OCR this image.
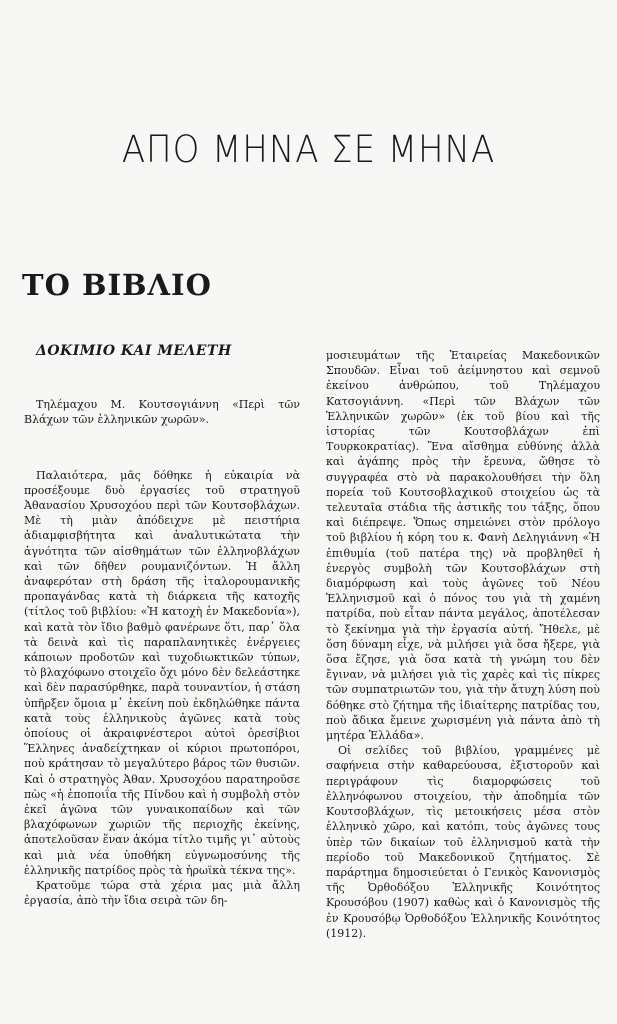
ΑΠΟ ΜΗΝΑ ΣΕ ΜΗΝΑ
ΤΟ ΒΙΒΛΙΟ
ΔΟΚΙΜΙΟ ΚΑΙ ΜΕΛΕΤΗ

Τηλέμαχου Μ. Κουτσογιάννη «Περὶ τῶν Βλάχων τῶν ἑλληνικῶν χωρῶν».

Παλαιότερα, μᾶς δόθηκε ἡ εὐκαιρία νὰ προσέξουμε δυὸ ἐργασίες τοῦ στρατηγοῦ Ἀθανασίου Χρυσοχόου περὶ τῶν Κουτσοβλάχων. Μὲ τὴ μιὰν ἀπόδειχνε μὲ πειστήρια ἀδιαμφισβήτητα καὶ ἀναλυτικώτατα τὴν ἀγνότητα τῶν αἰσθημάτων τῶν ἐλληνοβλάχων καὶ τῶν δῆθεν ρουμανιζόντων. Ἡ ἄλλη ἀναφερόταν στὴ δράση τῆς ἰταλορουμανικῆς προπαγάνδας κατὰ τὴ διάρκεια τῆς κατοχῆς (τίτλος τοῦ βιβλίου: «Ἡ κατοχὴ ἐν Μακεδονία»), καὶ κατὰ τὸν ἴδιο βαθμὸ φανέρωνε ὅτι, παρ᾽ ὅλα τὰ δεινὰ καὶ τὶς παραπλανητικὲς ἐνέργειες κάποιων προδοτῶν καὶ τυχοδιωκτικῶν τύπων, τὸ βλαχόφωνο στοιχεῖο ὄχι μόνο δὲν δελεάστηκε καὶ δὲν παρασύρθηκε, παρὰ τουναντίον, ἡ στάση ὑπῆρξεν ὅμοια μ᾽ ἐκείνη ποὺ ἐκδηλώθηκε πάντα κατὰ τοὺς ἑλληνικοὺς ἀγῶνες κατὰ τοὺς ὁποίους οἱ ἀκραιφνέστεροι αὐτοὶ ὀρεσίβιοι Ἕλληνες ἀναδείχτηκαν οἱ κύριοι πρωτοπόροι, ποὺ κράτησαν τὸ μεγαλύτερο βάρος τῶν θυσιῶν. Καὶ ὁ στρατηγὸς Ἀθαν. Χρυσοχόου παρατηροῦσε πὼς «ἡ ἐποποιΐα τῆς Πίνδου καὶ ἡ συμβολὴ στὸν ἐκεῖ ἀγῶνα τῶν γυναικοπαίδων καὶ τῶν βλαχόφωνων χωριῶν τῆς περιοχῆς ἐκείνης, ἀποτελοῦσαν ἕναν ἀκόμα τίτλο τιμῆς γι᾽ αὐτοὺς καὶ μιὰ νέα ὑποθήκη εὐγνωμοσύνης τῆς ἑλληνικῆς πατρίδος πρὸς τὰ ἡρωϊκὰ τέκνα της».

Κρατοῦμε τώρα στὰ χέρια μας μιὰ ἄλλη ἐργασία, ἀπὸ τὴν ἴδια σειρὰ τῶν δη-

μοσιευμάτων τῆς Ἑταιρείας Μακεδονικῶν Σπουδῶν. Εἶναι τοῦ ἀείμνηστου καὶ σεμνοῦ ἐκείνου ἀνθρώπου, τοῦ Τηλέμαχου Κατσογιάννη. «Περὶ τῶν Βλάχων τῶν Ἑλληνικῶν χωρῶν» (ἐκ τοῦ βίου καὶ τῆς ἱστορίας τῶν Κουτσοβλάχων ἐπὶ Τουρκοκρατίας). Ἕνα αἴσθημα εὐθύνης ἀλλὰ καὶ ἀγάπης πρὸς τὴν ἔρευνα, ὤθησε τὸ συγγραφέα στὸ νὰ παρακολουθήσει τὴν ὅλη πορεία τοῦ Κουτσοβλαχικοῦ στοιχείου ὡς τὰ τελευταῖα στάδια τῆς ἀστικῆς του τάξης, ὅπου καὶ διέπρεψε. Ὅπως σημειώνει στὸν πρόλογο τοῦ βιβλίου ἡ κόρη του κ. Φανὴ Δεληγιάννη «Ἡ ἐπιθυμία (τοῦ πατέρα της) νὰ προβληθεῖ ἡ ἐνεργὸς συμβολὴ τῶν Κουτσοβλάχων στὴ διαμόρφωση καὶ τοὺς ἀγῶνες τοῦ Νέου Ἑλληνισμοῦ καὶ ὁ πόνος του γιὰ τὴ χαμένη πατρίδα, ποὺ εἶταν πάντα μεγάλος, ἀποτέλεσαν τὸ ξεκίνημα γιὰ τὴν ἐργασία αὐτή. Ἤθελε, μὲ ὅση δύναμη εἶχε, νὰ μιλήσει γιὰ ὅσα ἤξερε, γιὰ ὅσα ἔζησε, γιὰ ὅσα κατὰ τὴ γνώμη του δὲν ἔγιναν, νὰ μιλήσει γιὰ τὶς χαρὲς καὶ τὶς πίκρες τῶν συμπατριωτῶν του, γιὰ τὴν ἄτυχη λύση ποὺ δόθηκε στὸ ζήτημα τῆς ἰδιαίτερης πατρίδας του, ποὺ ἄδικα ἔμεινε χωρισμένη γιὰ πάντα ἀπὸ τὴ μητέρα Ἑλλάδα».

Οἱ σελίδες τοῦ βιβλίου, γραμμένες μὲ σαφήνεια στὴν καθαρεύουσα, ἐξιστοροῦν καὶ περιγράφουν τὶς διαμορφώσεις τοῦ ἐλληνόφωνου στοιχείου, τὴν ἀποδημία τῶν Κουτσοβλάχων, τὶς μετοικήσεις μέσα στὸν ἑλληνικὸ χῶρο, καὶ κατόπι, τοὺς ἀγῶνες τους ὑπὲρ τῶν δικαίων τοῦ ἑλληνισμοῦ κατὰ τὴν περίοδο τοῦ Μακεδονικοῦ ζητήματος. Σὲ παράρτημα δημοσιεύεται ὁ Γενικὸς Κανονισμὸς τῆς Ὀρθοδόξου Ἑλληνικῆς Κοινότητος Κρουσόβου (1907) καθὼς καὶ ὁ Κανονισμὸς τῆς ἐν Κρουσόβῳ Ὀρθοδόξου Ἑλληνικῆς Κοινότητος (1912).
